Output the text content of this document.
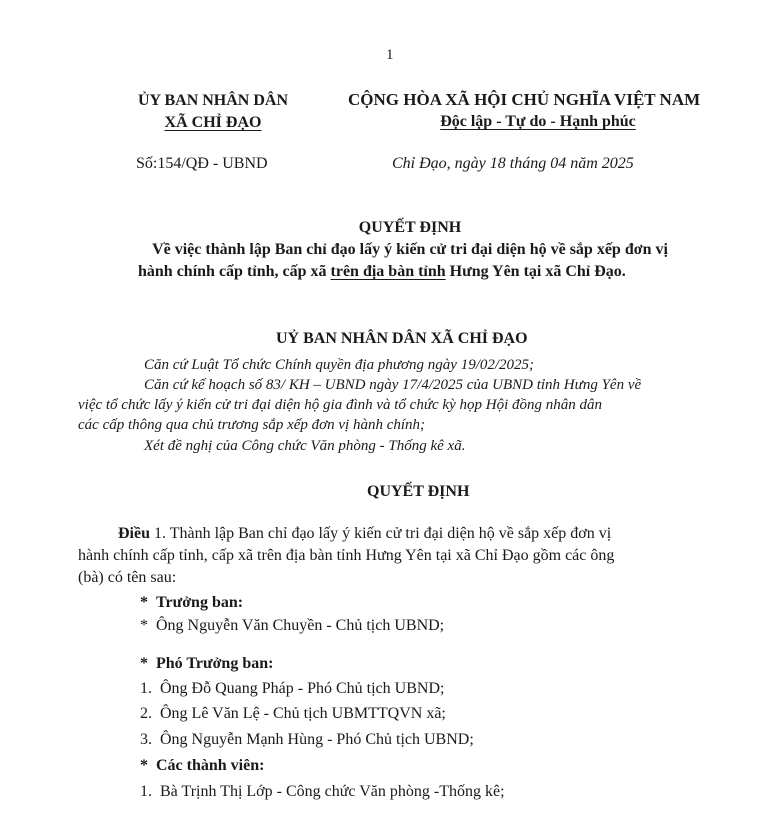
1
ỦY BAN NHÂN DÂN
XÃ CHỈ ĐẠO
CỘNG HÒA XÃ HỘI CHỦ NGHĨA VIỆT NAM
Độc lập - Tự do - Hạnh phúc
Số:154/QĐ - UBND	Chỉ Đạo, ngày 18 tháng 04 năm 2025
QUYẾT ĐỊNH
Về việc thành lập Ban chỉ đạo lấy ý kiến cử tri đại diện hộ về sắp xếp đơn vị
hành chính cấp tỉnh, cấp xã trên địa bàn tỉnh Hưng Yên tại xã Chỉ Đạo.
UỶ BAN NHÂN DÂN XÃ CHỈ ĐẠO
Căn cứ Luật Tổ chức Chính quyền địa phương ngày 19/02/2025;
Căn cứ kế hoạch số 83/ KH – UBND ngày 17/4/2025 của UBND tỉnh Hưng Yên về
việc tổ chức lấy ý kiến cử tri đại diện hộ gia đình và tổ chức kỳ họp Hội đồng nhân dân
các cấp thông qua chủ trương sắp xếp đơn vị hành chính;
Xét đề nghị của Công chức Văn phòng - Thống kê xã.
QUYẾT ĐỊNH
Điều 1. Thành lập Ban chỉ đạo lấy ý kiến cử tri đại diện hộ về sắp xếp đơn vị
hành chính cấp tỉnh, cấp xã trên địa bàn tỉnh Hưng Yên tại xã Chỉ Đạo gồm các ông
(bà) có tên sau:
* Trưởng ban:
* Ông Nguyễn Văn Chuyền - Chủ tịch UBND;
* Phó Trưởng ban:
1. Ông Đỗ Quang Pháp - Phó Chủ tịch UBND;
2. Ông Lê Văn Lệ - Chủ tịch UBMTTQVN xã;
3. Ông Nguyễn Mạnh Hùng - Phó Chủ tịch UBND;
* Các thành viên:
1. Bà Trịnh Thị Lớp - Công chức Văn phòng -Thống kê;
